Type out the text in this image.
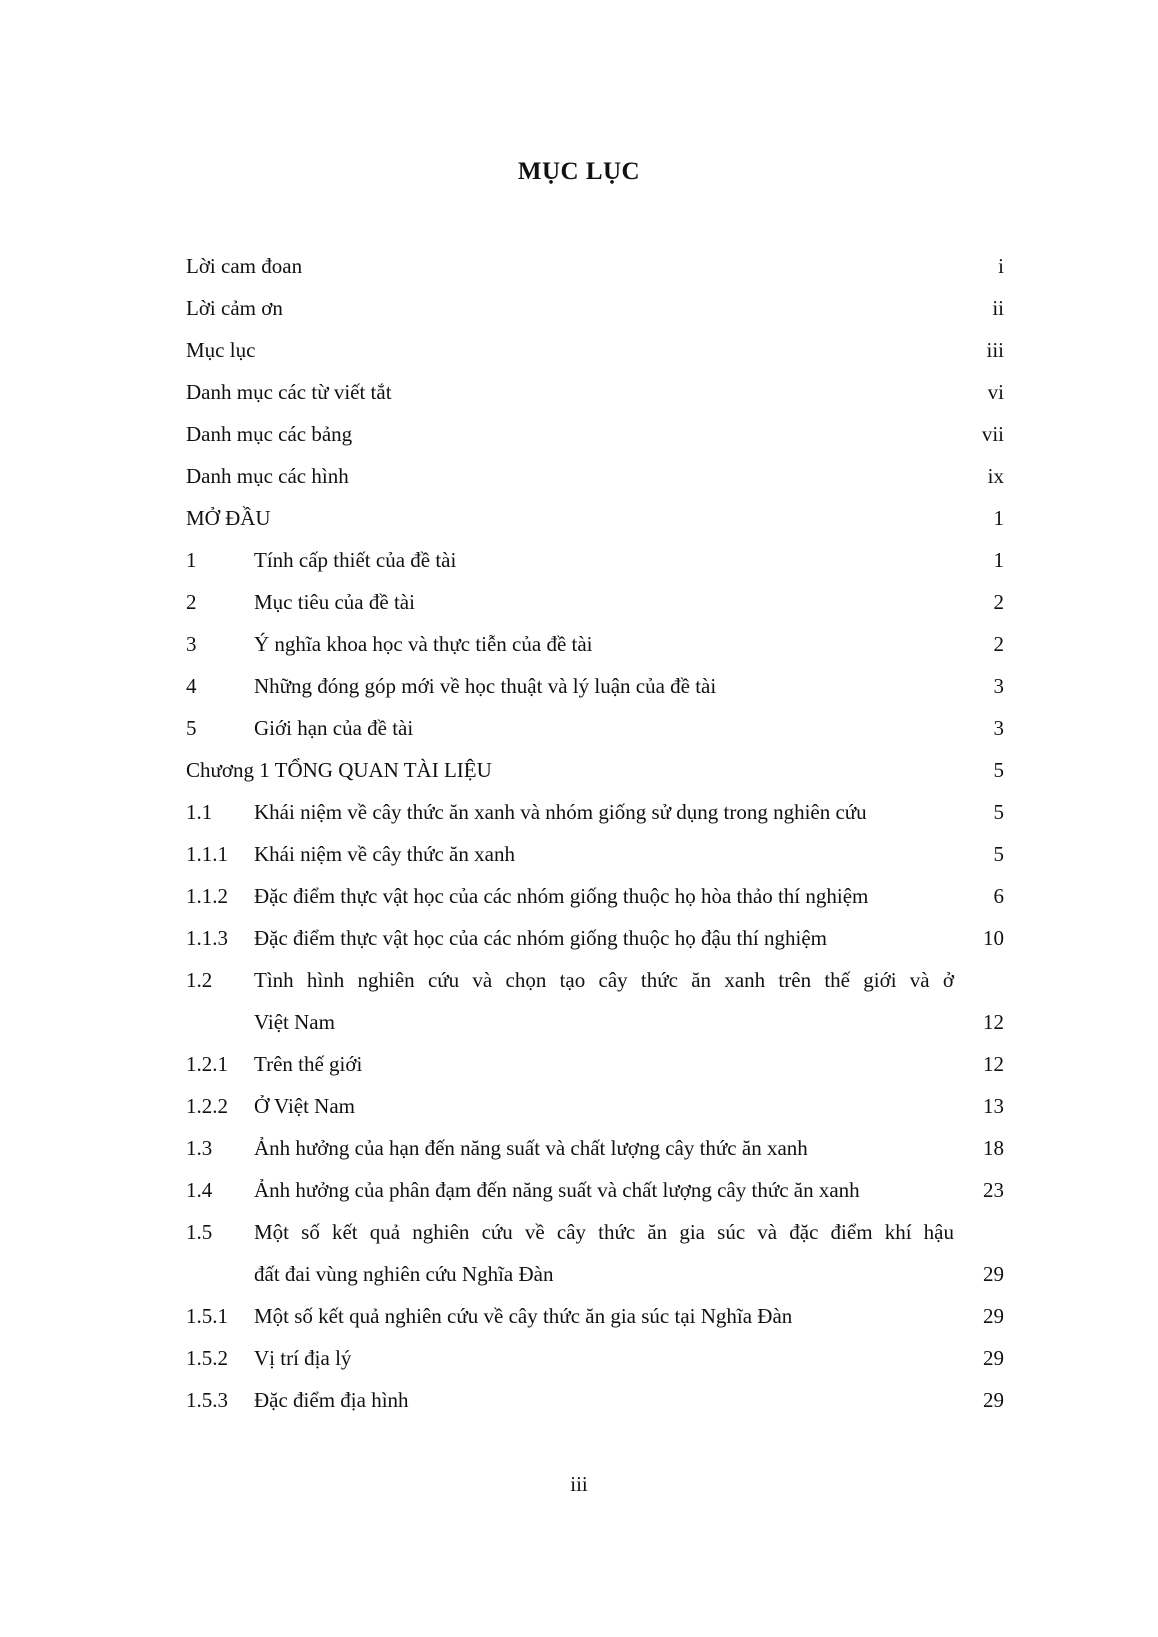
MỤC LỤC
Lời cam đoan	i
Lời cảm ơn	ii
Mục lục	iii
Danh mục các từ viết tắt	vi
Danh mục các bảng	vii
Danh mục các hình	ix
MỞ ĐẦU	1
1	Tính cấp thiết của đề tài	1
2	Mục tiêu của đề tài	2
3	Ý nghĩa khoa học và thực tiễn của đề tài	2
4	Những đóng góp mới về học thuật và lý luận của đề tài	3
5	Giới hạn của đề tài	3
Chương 1 TỔNG QUAN TÀI LIỆU	5
1.1 Khái niệm về cây thức ăn xanh và nhóm giống sử dụng trong nghiên cứu	5
1.1.1 Khái niệm về cây thức ăn xanh	5
1.1.2 Đặc điểm thực vật học của các nhóm giống thuộc họ hòa thảo thí nghiệm	6
1.1.3 Đặc điểm thực vật học của các nhóm giống thuộc họ đậu thí nghiệm	10
1.2 Tình hình nghiên cứu và chọn tạo cây thức ăn xanh trên thế giới và ở
Việt Nam	12
1.2.1 Trên thế giới	12
1.2.2 Ở Việt Nam	13
1.3 Ảnh hưởng của hạn đến năng suất và chất lượng cây thức ăn xanh	18
1.4 Ảnh hưởng của phân đạm đến năng suất và chất lượng cây thức ăn xanh	23
1.5 Một số kết quả nghiên cứu về cây thức ăn gia súc và đặc điểm khí hậu
đất đai vùng nghiên cứu Nghĩa Đàn	29
1.5.1 Một số kết quả nghiên cứu về cây thức ăn gia súc tại Nghĩa Đàn	29
1.5.2 Vị trí địa lý	29
1.5.3 Đặc điểm địa hình	29
iii
